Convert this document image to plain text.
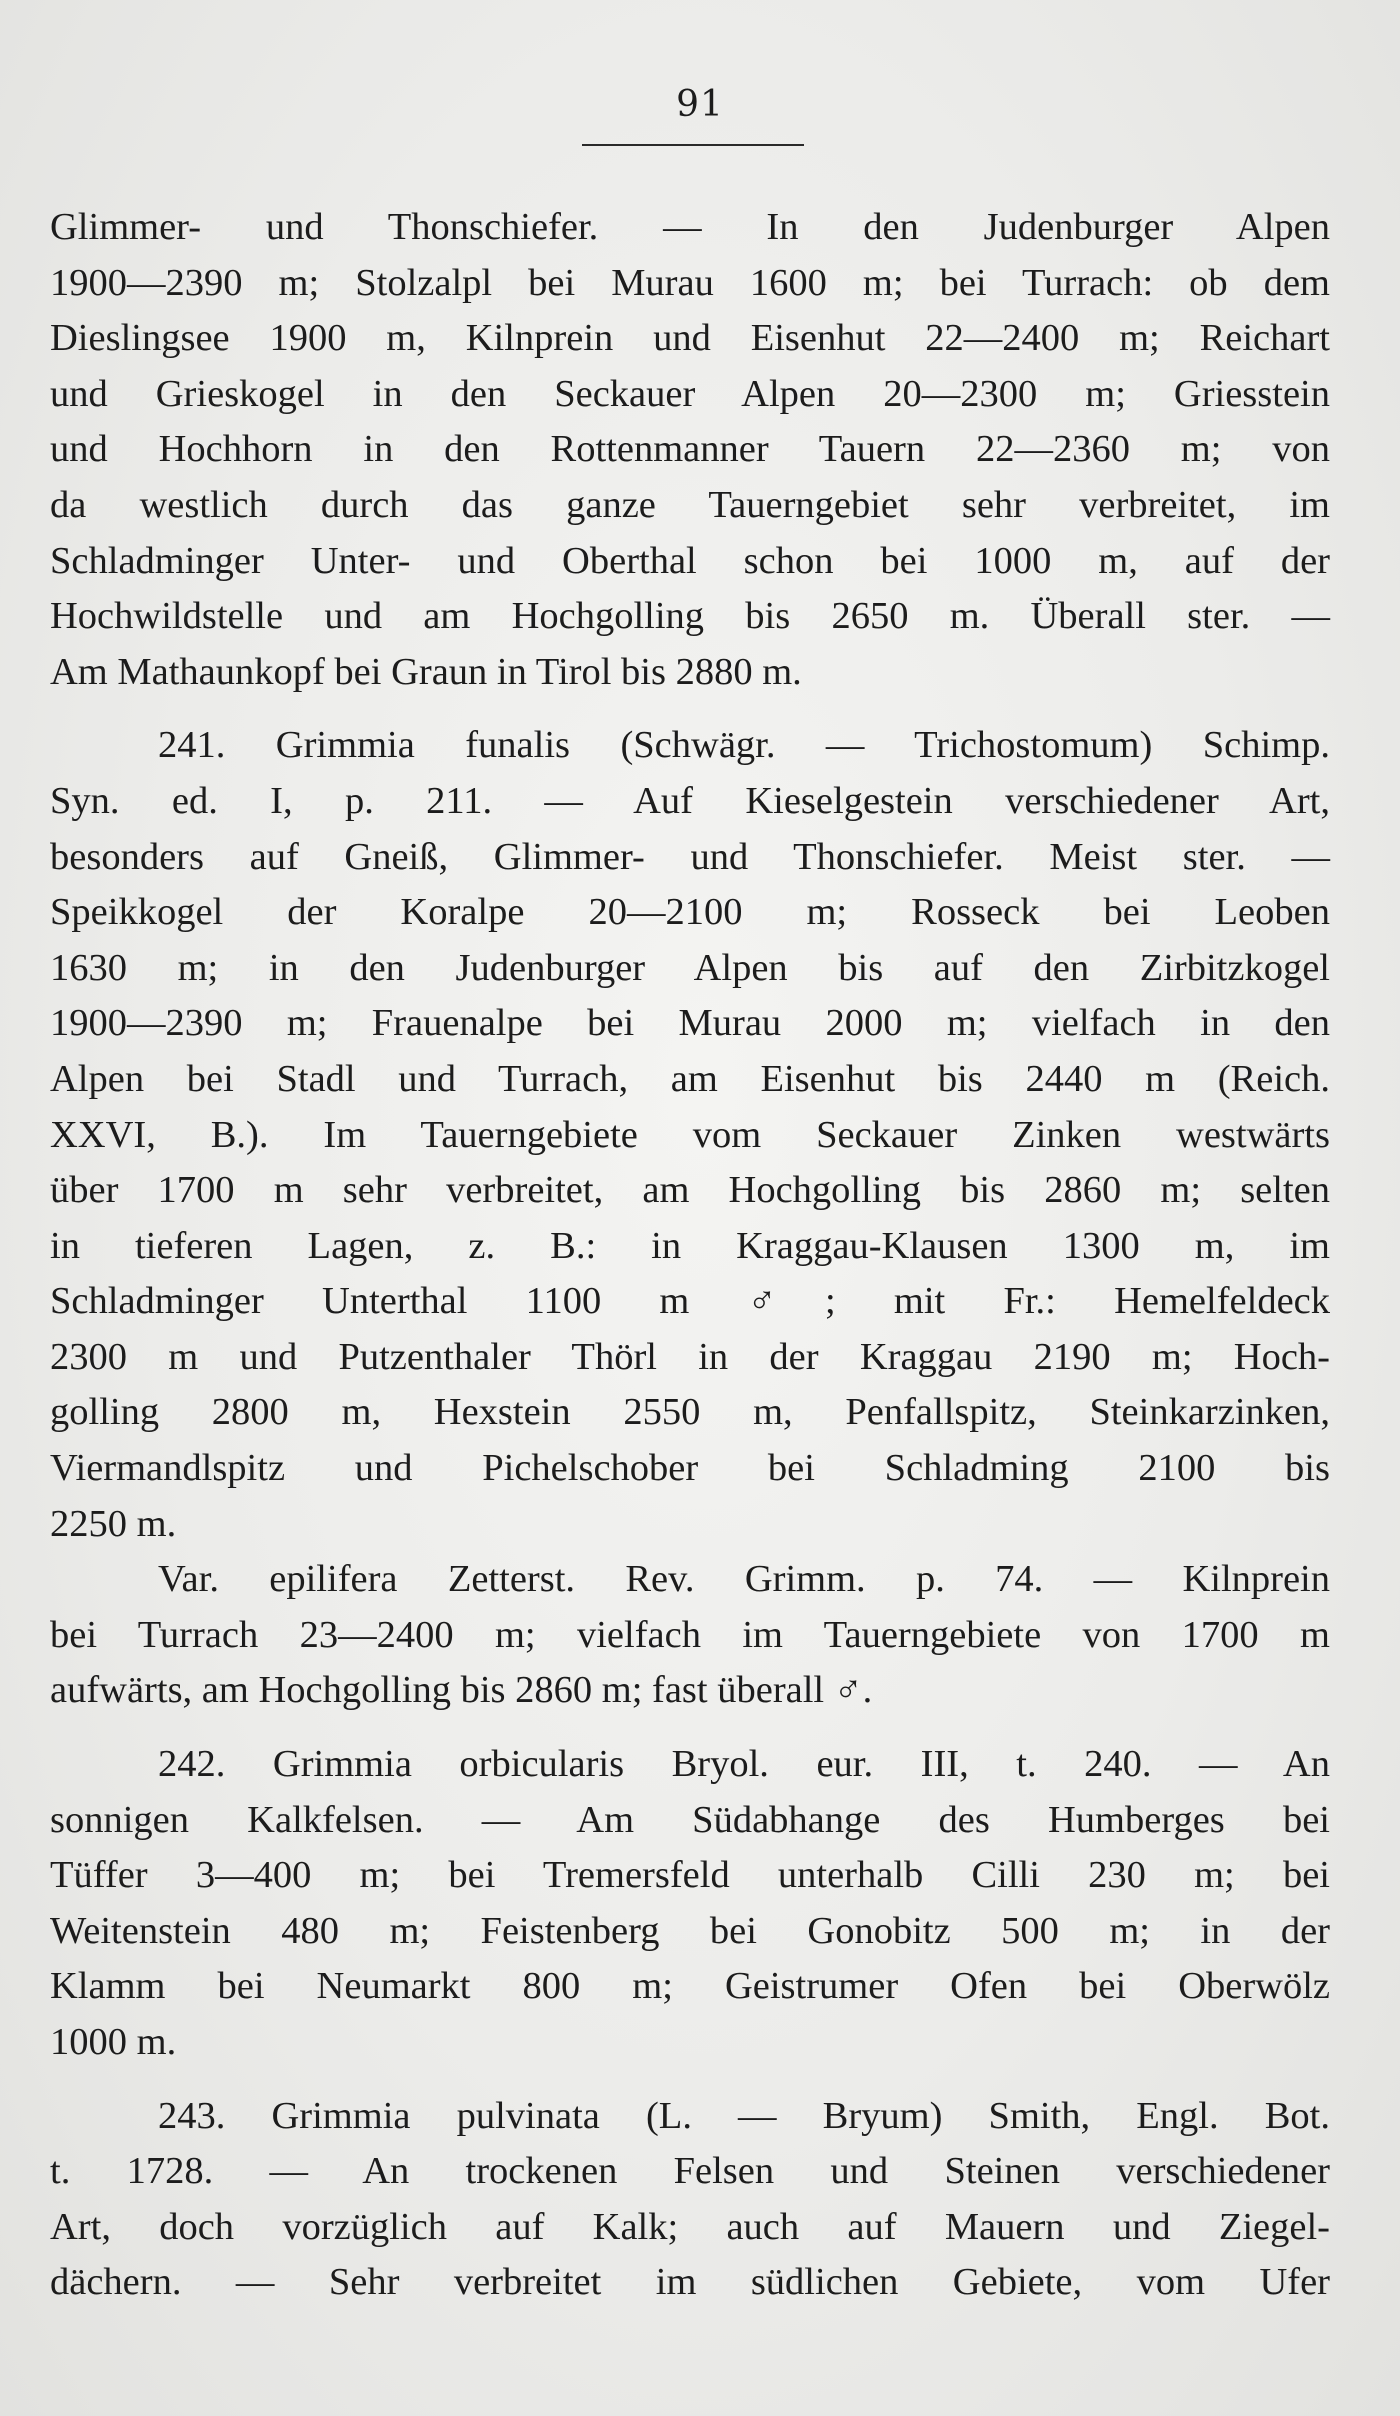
91
Glimmer- und Thonschiefer. — In den Judenburger Alpen
1900—2390 m; Stolzalpl bei Murau 1600 m; bei Turrach: ob dem
Dieslingsee 1900 m, Kilnprein und Eisenhut 22—2400 m; Reichart
und Grieskogel in den Seckauer Alpen 20—2300 m; Griesstein
und Hochhorn in den Rottenmanner Tauern 22—2360 m; von
da westlich durch das ganze Tauerngebiet sehr verbreitet, im
Schladminger Unter- und Oberthal schon bei 1000 m, auf der
Hochwildstelle und am Hochgolling bis 2650 m. Überall ster. —
Am Mathaunkopf bei Graun in Tirol bis 2880 m.
241. Grimmia funalis (Schwägr. — Trichostomum) Schimp.
Syn. ed. I, p. 211. — Auf Kieselgestein verschiedener Art,
besonders auf Gneiß, Glimmer- und Thonschiefer. Meist ster. —
Speikkogel der Koralpe 20—2100 m; Rosseck bei Leoben
1630 m; in den Judenburger Alpen bis auf den Zirbitzkogel
1900—2390 m; Frauenalpe bei Murau 2000 m; vielfach in den
Alpen bei Stadl und Turrach, am Eisenhut bis 2440 m (Reich.
XXVI, B.). Im Tauerngebiete vom Seckauer Zinken westwärts
über 1700 m sehr verbreitet, am Hochgolling bis 2860 m; selten
in tieferen Lagen, z. B.: in Kraggau-Klausen 1300 m, im
Schladminger Unterthal 1100 m ♂; mit Fr.: Hemelfeldeck
2300 m und Putzenthaler Thörl in der Kraggau 2190 m; Hoch-
golling 2800 m, Hexstein 2550 m, Penfallspitz, Steinkarzinken,
Viermandlspitz und Pichelschober bei Schladming 2100 bis
2250 m.
Var. epilifera Zetterst. Rev. Grimm. p. 74. — Kilnprein
bei Turrach 23—2400 m; vielfach im Tauerngebiete von 1700 m
aufwärts, am Hochgolling bis 2860 m; fast überall ♂.
242. Grimmia orbicularis Bryol. eur. III, t. 240. — An
sonnigen Kalkfelsen. — Am Südabhange des Humberges bei
Tüffer 3—400 m; bei Tremersfeld unterhalb Cilli 230 m; bei
Weitenstein 480 m; Feistenberg bei Gonobitz 500 m; in der
Klamm bei Neumarkt 800 m; Geistrumer Ofen bei Oberwölz
1000 m.
243. Grimmia pulvinata (L. — Bryum) Smith, Engl. Bot.
t. 1728. — An trockenen Felsen und Steinen verschiedener
Art, doch vorzüglich auf Kalk; auch auf Mauern und Ziegel-
dächern. — Sehr verbreitet im südlichen Gebiete, vom Ufer
